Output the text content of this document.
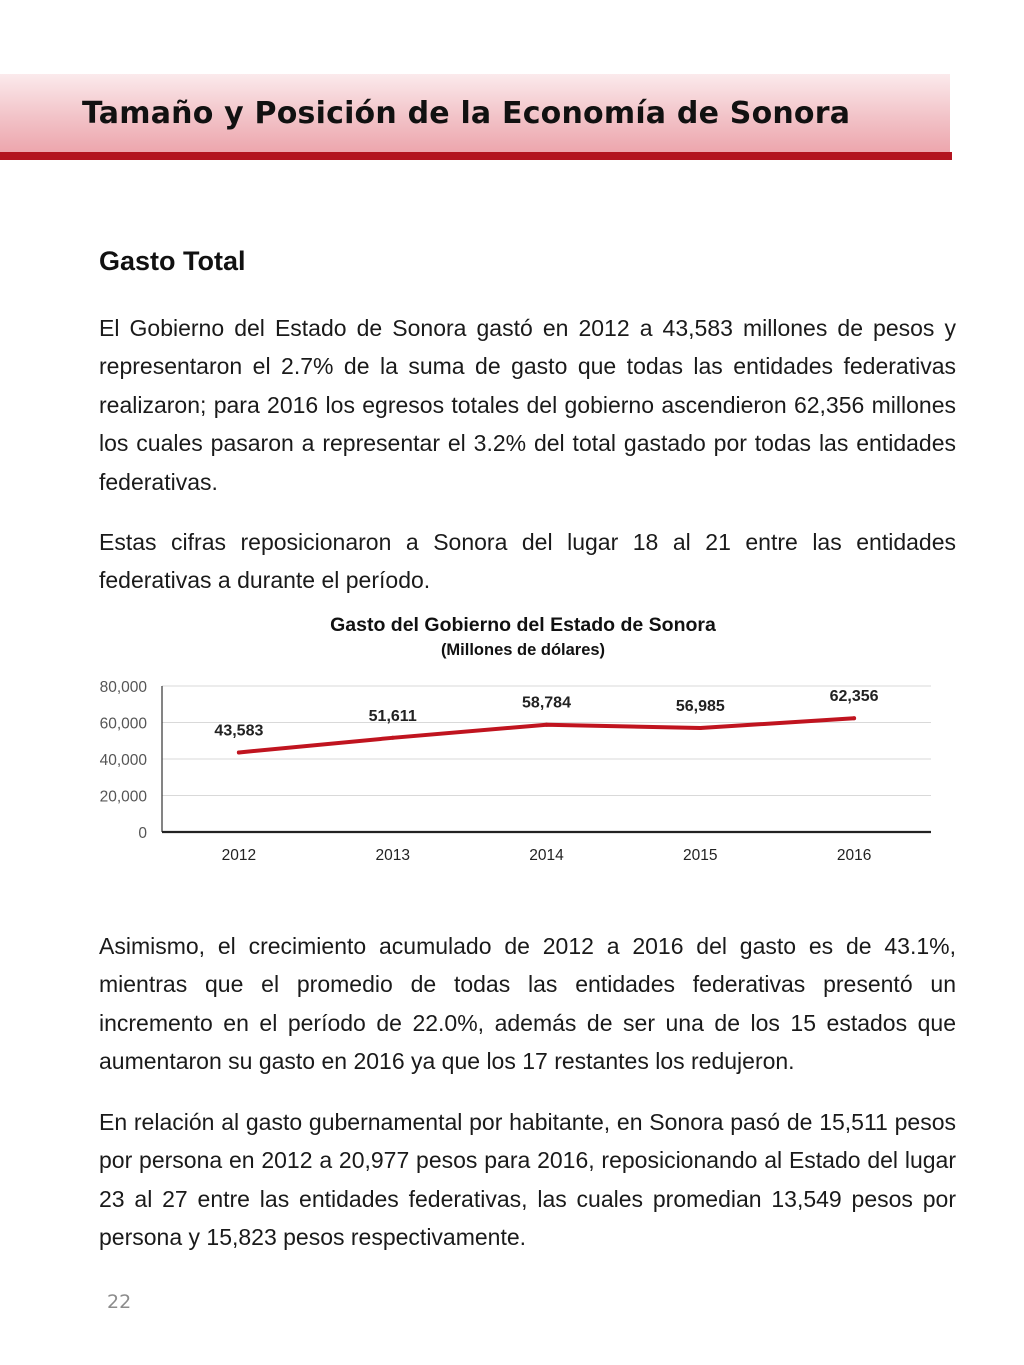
Tamaño y Posición de la Economía de Sonora
Gasto Total

El Gobierno del Estado de Sonora gastó en 2012 a 43,583 millones de pesos y representaron el 2.7% de la suma de gasto que todas las entidades federativas realizaron; para 2016 los egresos totales del gobierno ascendieron 62,356 millones los cuales pasaron a representar el 3.2% del total gastado por todas las entidades federativas.

Estas cifras reposicionaron a Sonora del lugar 18 al 21 entre las entidades federativas a durante el período.

Gasto del Gobierno del Estado de Sonora

(Millones de dólares)

0
20,000
40,000
60,000
80,000
2012	2013	2014	2015	2016
43,583
51,611
58,784	56,985
62,356

Asimismo, el crecimiento acumulado de 2012 a 2016 del gasto es de 43.1%, mientras que el promedio de todas las entidades federativas presentó un incremento en el período de 22.0%, además de ser una de los 15 estados que aumentaron su gasto en 2016 ya que los 17 restantes los redujeron.

En relación al gasto gubernamental por habitante, en Sonora pasó de 15,511 pesos por persona en 2012 a 20,977 pesos para 2016, reposicionando al Estado del lugar 23 al 27 entre las entidades federativas, las cuales promedian 13,549 pesos por persona y 15,823 pesos respectivamente.

22
